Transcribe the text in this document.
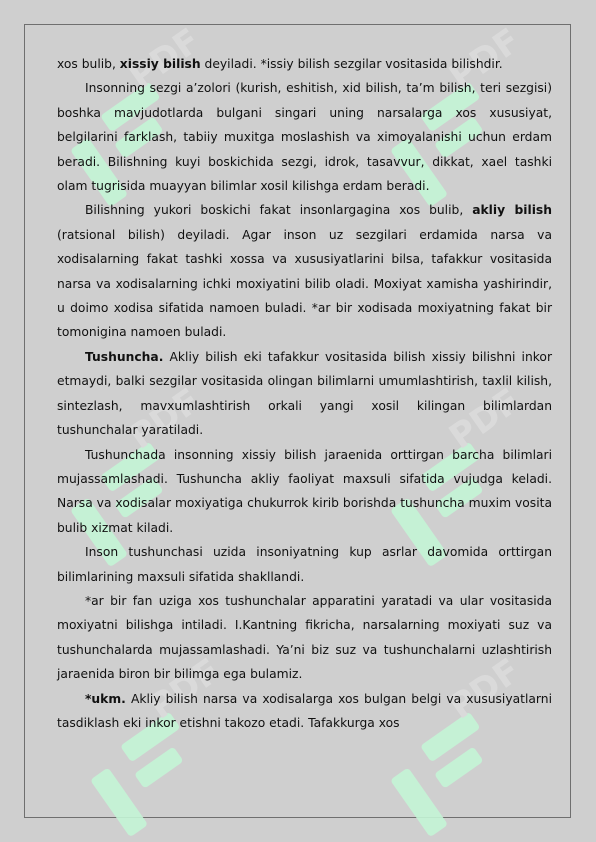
xos bulib, xissiy bilish deyiladi. *issiy bilish sezgilar vositasida bilishdir.

Insonning sezgi a’zolori (kurish, eshitish, xid bilish, ta’m bilish, teri sezgisi) boshka mavjudotlarda bulgani singari uning narsalarga xos xususiyat, belgilarini farklash, tabiiy muxitga moslashish va ximoyalanishi uchun erdam beradi. Bilishning kuyi boskichida sezgi, idrok, tasavvur, dikkat, xael tashki olam tugrisida muayyan bilimlar xosil kilishga erdam beradi.

Bilishning yukori boskichi fakat insonlargagina xos bulib, akliy bilish (ratsional bilish) deyiladi. Agar inson uz sezgilari erdamida narsa va xodisalarning fakat tashki xossa va xususiyatlarini bilsa, tafakkur vositasida narsa va xodisalarning ichki moxiyatini bilib oladi. Moxiyat xamisha yashirindir, u doimo xodisa sifatida namoen buladi. *ar bir xodisada moxiyatning fakat bir tomonigina namoen buladi.

Tushuncha. Akliy bilish eki tafakkur vositasida bilish xissiy bilishni inkor etmaydi, balki sezgilar vositasida olingan bilimlarni umumlashtirish, taxlil kilish, sintezlash, mavxumlashtirish orkali yangi xosil kilingan bilimlardan tushunchalar yaratiladi.

Tushunchada insonning xissiy bilish jaraenida orttirgan barcha bilimlari mujassamlashadi. Tushuncha akliy faoliyat maxsuli sifatida vujudga keladi. Narsa va xodisalar moxiyatiga chukurrok kirib borishda tushuncha muxim vosita bulib xizmat kiladi.

Inson tushunchasi uzida insoniyatning kup asrlar davomida orttirgan bilimlarining maxsuli sifatida shakllandi.

*ar bir fan uziga xos tushunchalar apparatini yaratadi va ular vositasida moxiyatni bilishga intiladi. I.Kantning fikricha, narsalarning moxiyati suz va tushunchalarda mujassamlashadi. Ya’ni biz suz va tushunchalarni uzlashtirish jaraenida biron bir bilimga ega bulamiz.

*ukm. Akliy bilish narsa va xodisalarga xos bulgan belgi va xususiyatlarni tasdiklash eki inkor etishni takozo etadi. Tafakkurga xos
